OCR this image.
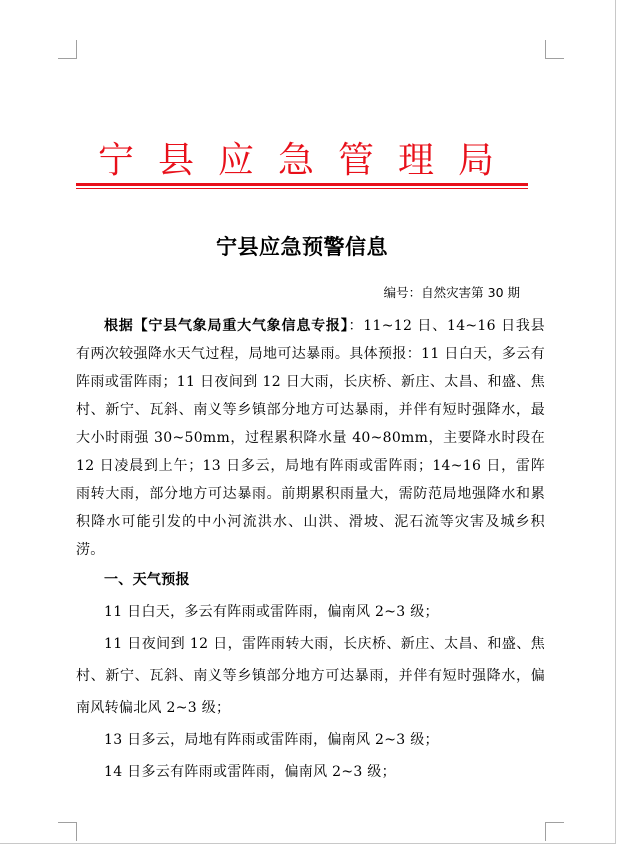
宁县应急管理局
宁县应急预警信息
编号：自然灾害第 30 期

根据【宁县气象局重大气象信息专报】：11~12 日、14~16 日我县有两次较强降水天气过程，局地可达暴雨。具体预报：11 日白天，多云有阵雨或雷阵雨；11 日夜间到 12 日大雨，长庆桥、新庄、太昌、和盛、焦村、新宁、瓦斜、南义等乡镇部分地方可达暴雨，并伴有短时强降水，最大小时雨强 30~50mm，过程累积降水量 40~80mm，主要降水时段在 12 日凌晨到上午；13 日多云，局地有阵雨或雷阵雨；14~16 日，雷阵雨转大雨，部分地方可达暴雨。前期累积雨量大，需防范局地强降水和累积降水可能引发的中小河流洪水、山洪、滑坡、泥石流等灾害及城乡积涝。

一、天气预报

11 日白天，多云有阵雨或雷阵雨，偏南风 2~3 级；

11 日夜间到 12 日，雷阵雨转大雨，长庆桥、新庄、太昌、和盛、焦村、新宁、瓦斜、南义等乡镇部分地方可达暴雨，并伴有短时强降水，偏南风转偏北风 2~3 级；

13 日多云，局地有阵雨或雷阵雨，偏南风 2~3 级；

14 日多云有阵雨或雷阵雨，偏南风 2~3 级；
